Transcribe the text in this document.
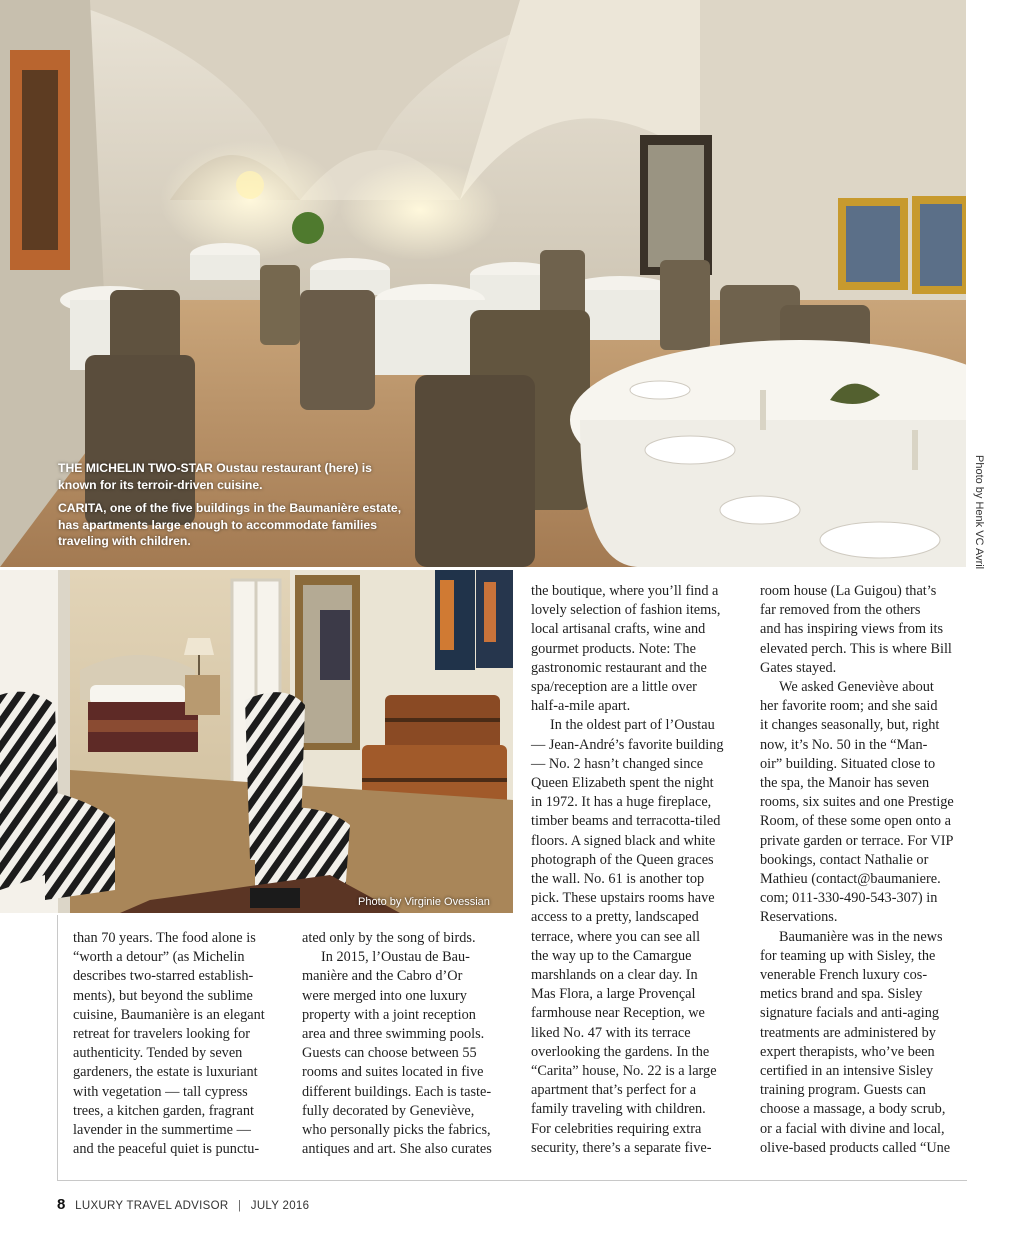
THE MICHELIN TWO-STAR Oustau restaurant (here) is known for its terroir-driven cuisine.

CARITA, one of the five buildings in the Baumanière estate, has apartments large enough to accommodate families traveling with children.	Photo by Henk VC Avril
Photo by Virginie Ovessian

than 70 years. The food alone is

“worth a detour” (as Michelin

describes two-starred establish-

ments), but beyond the sublime

cuisine, Baumanière is an elegant

retreat for travelers looking for

authenticity. Tended by seven

gardeners, the estate is luxuriant

with vegetation — tall cypress

trees, a kitchen garden, fragrant

lavender in the summertime —

and the peaceful quiet is punctu-

ated only by the song of birds.

In 2015, l’Oustau de Bau-

manière and the Cabro d’Or

were merged into one luxury

property with a joint reception

area and three swimming pools.

Guests can choose between 55

rooms and suites located in five

different buildings. Each is taste-

fully decorated by Geneviève,

who personally picks the fabrics,

antiques and art. She also curates

the boutique, where you’ll find a

lovely selection of fashion items,

local artisanal crafts, wine and

gourmet products. Note: The

gastronomic restaurant and the

spa/reception are a little over

half-a-mile apart.

In the oldest part of l’Oustau

— Jean-André’s favorite building

— No. 2 hasn’t changed since

Queen Elizabeth spent the night

in 1972. It has a huge fireplace,

timber beams and terracotta-tiled

floors. A signed black and white

photograph of the Queen graces

the wall. No. 61 is another top

pick. These upstairs rooms have

access to a pretty, landscaped

terrace, where you can see all

the way up to the Camargue

marshlands on a clear day. In

Mas Flora, a large Provençal

farmhouse near Reception, we

liked No. 47 with its terrace

overlooking the gardens. In the

“Carita” house, No. 22 is a large

apartment that’s perfect for a

family traveling with children.

For celebrities requiring extra

security, there’s a separate five-

room house (La Guigou) that’s

far removed from the others

and has inspiring views from its

elevated perch. This is where Bill

Gates stayed.

We asked Geneviève about

her favorite room; and she said

it changes seasonally, but, right

now, it’s No. 50 in the “Man-

oir” building. Situated close to

the spa, the Manoir has seven

rooms, six suites and one Prestige

Room, of these some open onto a

private garden or terrace. For VIP

bookings, contact Nathalie or

Mathieu (contact@baumaniere.

com; 011-330-490-543-307) in

Reservations.

Baumanière was in the news

for teaming up with Sisley, the

venerable French luxury cos-

metics brand and spa. Sisley

signature facials and anti-aging

treatments are administered by

expert therapists, who’ve been

certified in an intensive Sisley

training program. Guests can

choose a massage, a body scrub,

or a facial with divine and local,

olive-based products called “Une

8 LUXURY TRAVEL ADVISOR | JULY 2016
